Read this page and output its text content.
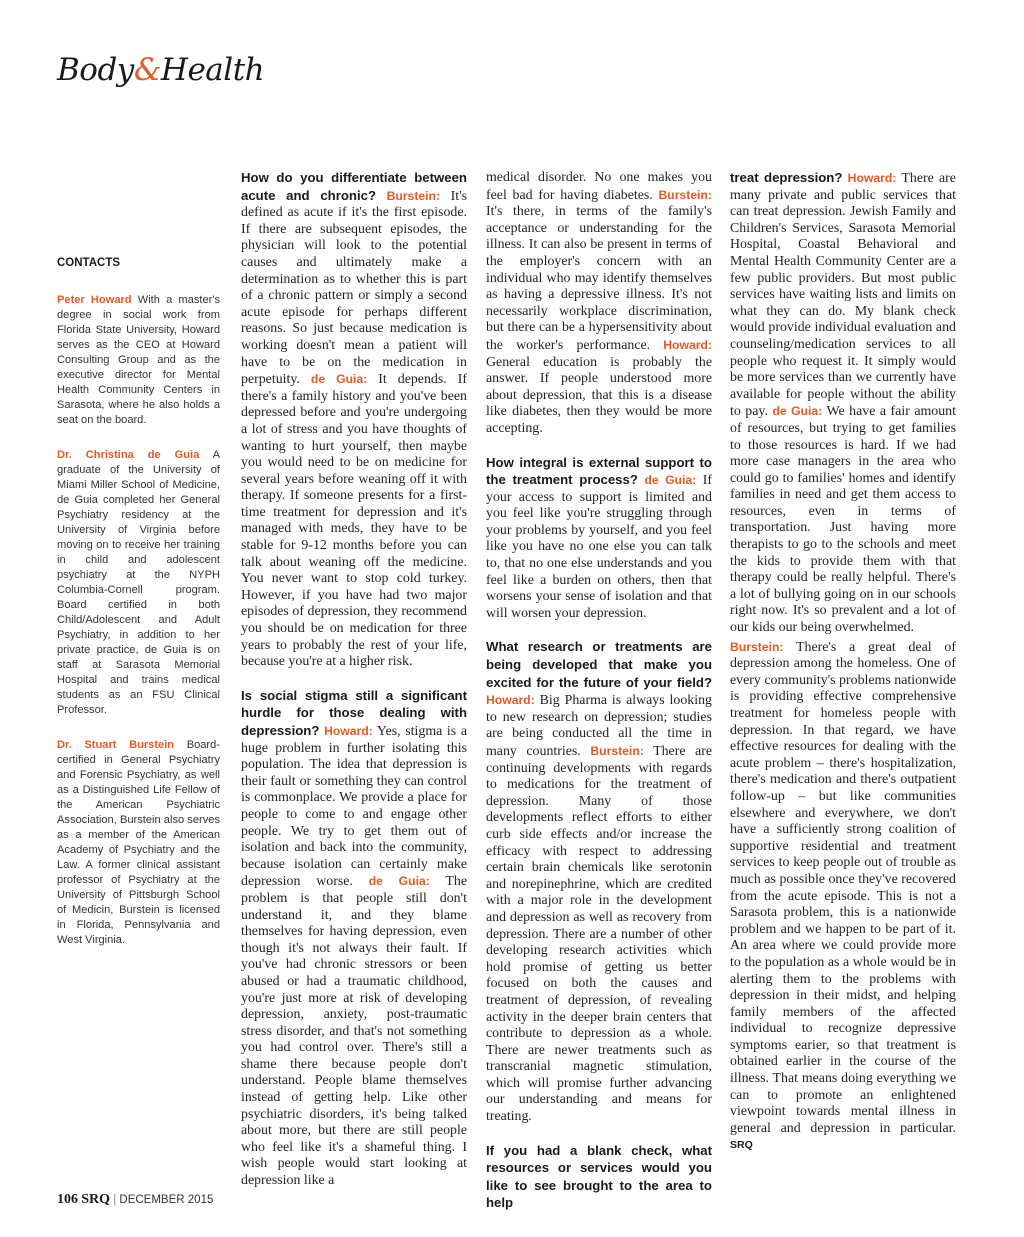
Body&Health
CONTACTS

Peter Howard With a master's degree in social work from Florida State University, Howard serves as the CEO at Howard Consulting Group and as the executive director for Mental Health Community Centers in Sarasota, where he also holds a seat on the board.

Dr. Christina de Guia A graduate of the University of Miami Miller School of Medicine, de Guia completed her General Psychiatry residency at the University of Virginia before moving on to receive her training in child and adolescent psychiatry at the NYPH Columbia-Cornell program. Board certified in both Child/Adolescent and Adult Psychiatry, in addition to her private practice, de Guia is on staff at Sarasota Memorial Hospital and trains medical students as an FSU Clinical Professor.

Dr. Stuart Burstein Board-certified in General Psychiatry and Forensic Psychiatry, as well as a Distinguished Life Fellow of the American Psychiatric Association, Burstein also serves as a member of the American Academy of Psychiatry and the Law. A former clinical assistant professor of Psychiatry at the University of Pittsburgh School of Medicin, Burstein is licensed in Florida, Pennsylvania and West Virginia.

How do you differentiate between acute and chronic? Burstein: It's defined as acute if it's the first episode. If there are subsequent episodes, the physician will look to the potential causes and ultimately make a determination as to whether this is part of a chronic pattern or simply a second acute episode for perhaps different reasons. So just because medication is working doesn't mean a patient will have to be on the medication in perpetuity. de Guia: It depends. If there's a family history and you've been depressed before and you're undergoing a lot of stress and you have thoughts of wanting to hurt yourself, then maybe you would need to be on medicine for several years before weaning off it with therapy. If someone presents for a first-time treatment for depression and it's managed with meds, they have to be stable for 9-12 months before you can talk about weaning off the medicine. You never want to stop cold turkey. However, if you have had two major episodes of depression, they recommend you should be on medication for three years to probably the rest of your life, because you're at a higher risk.

Is social stigma still a significant hurdle for those dealing with depression? Howard: Yes, stigma is a huge problem in further isolating this population. The idea that depression is their fault or something they can control is commonplace. We provide a place for people to come to and engage other people. We try to get them out of isolation and back into the community, because isolation can certainly make depression worse. de Guia: The problem is that people still don't understand it, and they blame themselves for having depression, even though it's not always their fault. If you've had chronic stressors or been abused or had a traumatic childhood, you're just more at risk of developing depression, anxiety, post-traumatic stress disorder, and that's not something you had control over. There's still a shame there because people don't understand. People blame themselves instead of getting help. Like other psychiatric disorders, it's being talked about more, but there are still people who feel like it's a shameful thing. I wish people would start looking at depression like a

medical disorder. No one makes you feel bad for having diabetes. Burstein: It's there, in terms of the family's acceptance or understanding for the illness. It can also be present in terms of the employer's concern with an individual who may identify themselves as having a depressive illness. It's not necessarily workplace discrimination, but there can be a hypersensitivity about the worker's performance. Howard: General education is probably the answer. If people understood more about depression, that this is a disease like diabetes, then they would be more accepting.

How integral is external support to the treatment process? de Guia: If your access to support is limited and you feel like you're struggling through your problems by yourself, and you feel like you have no one else you can talk to, that no one else understands and you feel like a burden on others, then that worsens your sense of isolation and that will worsen your depression.

What research or treatments are being developed that make you excited for the future of your field? Howard: Big Pharma is always looking to new research on depression; studies are being conducted all the time in many countries. Burstein: There are continuing developments with regards to medications for the treatment of depression. Many of those developments reflect efforts to either curb side effects and/or increase the efficacy with respect to addressing certain brain chemicals like serotonin and norepinephrine, which are credited with a major role in the development and depression as well as recovery from depression. There are a number of other developing research activities which hold promise of getting us better focused on both the causes and treatment of depression, of revealing activity in the deeper brain centers that contribute to depression as a whole. There are newer treatments such as transcranial magnetic stimulation, which will promise further advancing our understanding and means for treating.

If you had a blank check, what resources or services would you like to see brought to the area to help

treat depression? Howard: There are many private and public services that can treat depression. Jewish Family and Children's Services, Sarasota Memorial Hospital, Coastal Behavioral and Mental Health Community Center are a few public providers. But most public services have waiting lists and limits on what they can do. My blank check would provide individual evaluation and counseling/medication services to all people who request it. It simply would be more services than we currently have available for people without the ability to pay. de Guia: We have a fair amount of resources, but trying to get families to those resources is hard. If we had more case managers in the area who could go to families' homes and identify families in need and get them access to resources, even in terms of transportation. Just having more therapists to go to the schools and meet the kids to provide them with that therapy could be really helpful. There's a lot of bullying going on in our schools right now. It's so prevalent and a lot of our kids our being overwhelmed.

Burstein: There's a great deal of depression among the homeless. One of every community's problems nationwide is providing effective comprehensive treatment for homeless people with depression. In that regard, we have effective resources for dealing with the acute problem – there's hospitalization, there's medication and there's outpatient follow-up – but like communities elsewhere and everywhere, we don't have a sufficiently strong coalition of supportive residential and treatment services to keep people out of trouble as much as possible once they've recovered from the acute episode. This is not a Sarasota problem, this is a nationwide problem and we happen to be part of it. An area where we could provide more to the population as a whole would be in alerting them to the problems with depression in their midst, and helping family members of the affected individual to recognize depressive symptoms earier, so that treatment is obtained earlier in the course of the illness. That means doing everything we can to promote an enlightened viewpoint towards mental illness in general and depression in particular. SRQ

106 SRQ | DECEMBER 2015
